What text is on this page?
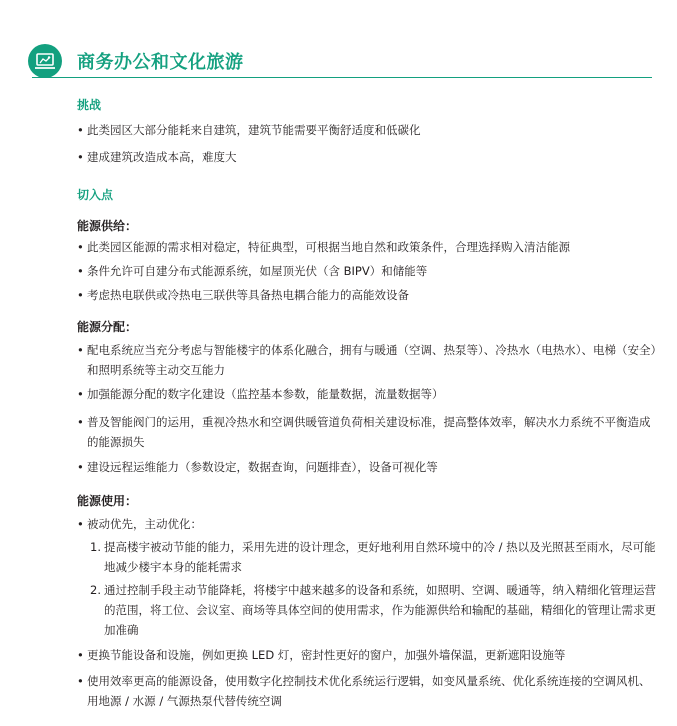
商务办公和文化旅游
挑战
• 此类园区大部分能耗来自建筑，建筑节能需要平衡舒适度和低碳化
• 建成建筑改造成本高，难度大
切入点
能源供给：
• 此类园区能源的需求相对稳定，特征典型，可根据当地自然和政策条件，合理选择购入清洁能源
• 条件允许可自建分布式能源系统，如屋顶光伏（含 BIPV）和储能等
• 考虑热电联供或冷热电三联供等具备热电耦合能力的高能效设备
能源分配：
• 配电系统应当充分考虑与智能楼宇的体系化融合，拥有与暖通（空调、热泵等）、冷热水（电热水）、电梯（安全）和照明系统等主动交互能力
• 加强能源分配的数字化建设（监控基本参数，能量数据，流量数据等）
• 普及智能阀门的运用，重视冷热水和空调供暖管道负荷相关建设标准，提高整体效率，解决水力系统不平衡造成的能源损失
• 建设远程运维能力（参数设定，数据查询，问题排查），设备可视化等
能源使用：
• 被动优先，主动优化：
1. 提高楼宇被动节能的能力，采用先进的设计理念，更好地利用自然环境中的冷 / 热以及光照甚至雨水，尽可能地减少楼宇本身的能耗需求
2. 通过控制手段主动节能降耗，将楼宇中越来越多的设备和系统，如照明、空调、暖通等，纳入精细化管理运营的范围，将工位、会议室、商场等具体空间的使用需求，作为能源供给和输配的基础，精细化的管理让需求更加准确
• 更换节能设备和设施，例如更换 LED 灯，密封性更好的窗户，加强外墙保温，更新遮阳设施等
• 使用效率更高的能源设备，使用数字化控制技术优化系统运行逻辑，如变风量系统、优化系统连接的空调风机、用地源 / 水源 / 气源热泵代替传统空调
